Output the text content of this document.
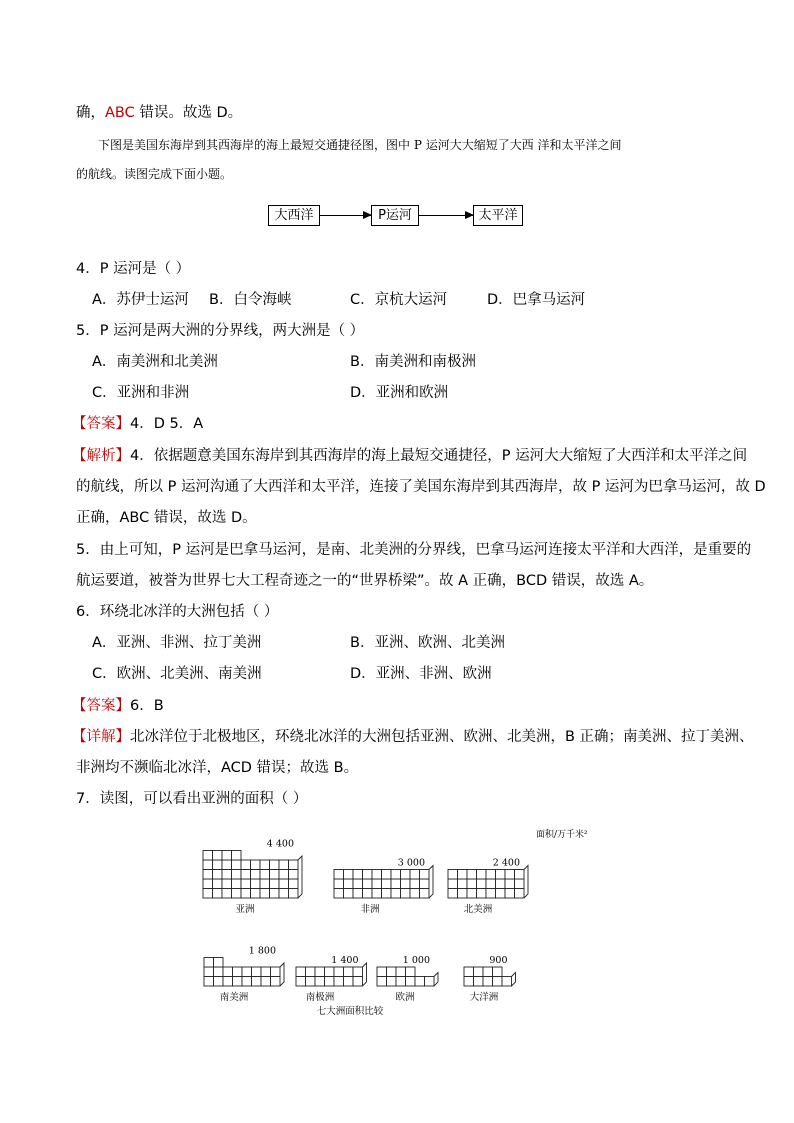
确，ABC 错误。故选 D。
下图是美国东海岸到其西海岸的海上最短交通捷径图，图中 P 运河大大缩短了大西 洋和太平洋之间
的航线。读图完成下面小题。
大西洋	P运河	太平洋
4．P 运河是（ ）
A．苏伊士运河 B．白令海峡	C．京杭大运河	D．巴拿马运河
5．P 运河是两大洲的分界线，两大洲是（ ）
A．南美洲和北美洲	B．南美洲和南极洲
C．亚洲和非洲	D．亚洲和欧洲
【答案】4．D 5．A
【解析】4．依据题意美国东海岸到其西海岸的海上最短交通捷径，P 运河大大缩短了大西洋和太平洋之间
的航线，所以 P 运河沟通了大西洋和太平洋，连接了美国东海岸到其西海岸，故 P 运河为巴拿马运河，故 D
正确，ABC 错误，故选 D。
5．由上可知，P 运河是巴拿马运河，是南、北美洲的分界线，巴拿马运河连接太平洋和大西洋，是重要的
航运要道，被誉为世界七大工程奇迹之一的“世界桥梁”。故 A 正确，BCD 错误，故选 A。
6．环绕北冰洋的大洲包括（ ）
A．亚洲、非洲、拉丁美洲	B．亚洲、欧洲、北美洲
C．欧洲、北美洲、南美洲	D．亚洲、非洲、欧洲
【答案】6．B
【详解】北冰洋位于北极地区，环绕北冰洋的大洲包括亚洲、欧洲、北美洲，B 正确；南美洲、拉丁美洲、
非洲均不濒临北冰洋，ACD 错误；故选 B。
7．读图，可以看出亚洲的面积（ ）
4 400
亚洲
3 000
非洲
2 400
北美洲
1 800
南美洲
1 400
南极洲
1 000
欧洲
900
大洋洲
面积/万千米²
七大洲面积比较
